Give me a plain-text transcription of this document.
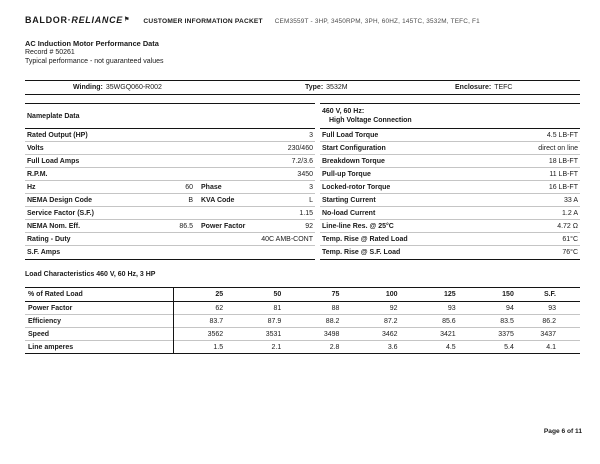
BALDOR·RELIANCE⚑ CUSTOMER INFORMATION PACKET CEM3559T - 3HP, 3450RPM, 3PH, 60HZ, 145TC, 3532M, TEFC, F1
AC Induction Motor Performance Data
Record # 50261
Typical performance - not guaranteed values
Winding: 35WGQ060-R002	Type: 3532M	Enclosure: TEFC
Nameplate Data
Rated Output (HP)	3
Volts	230/460
Full Load Amps	7.2/3.6
R.P.M.	3450
Hz	60	Phase	3
NEMA Design Code	B	KVA Code	L
Service Factor (S.F.)	1.15
NEMA Nom. Eff.	86.5	Power Factor	92
Rating - Duty	40C AMB-CONT
S.F. Amps
460 V, 60 Hz:
High Voltage Connection
Full Load Torque	4.5 LB-FT
Start Configuration	direct on line
Breakdown Torque	18 LB-FT
Pull-up Torque	11 LB-FT
Locked-rotor Torque	16 LB-FT
Starting Current	33 A
No-load Current	1.2 A
Line-line Res. @ 25°C	4.72 Ω
Temp. Rise @ Rated Load	61°C
Temp. Rise @ S.F. Load	76°C
Load Characteristics 460 V, 60 Hz, 3 HP
% of Rated Load	25	50	75	100	125	150	S.F.
Power Factor	62	81	88	92	93	94	93
Efficiency	83.7	87.9	88.2	87.2	85.6	83.5	86.2
Speed	3562	3531	3498	3462	3421	3375	3437
Line amperes	1.5	2.1	2.8	3.6	4.5	5.4	4.1
Page 6 of 11
